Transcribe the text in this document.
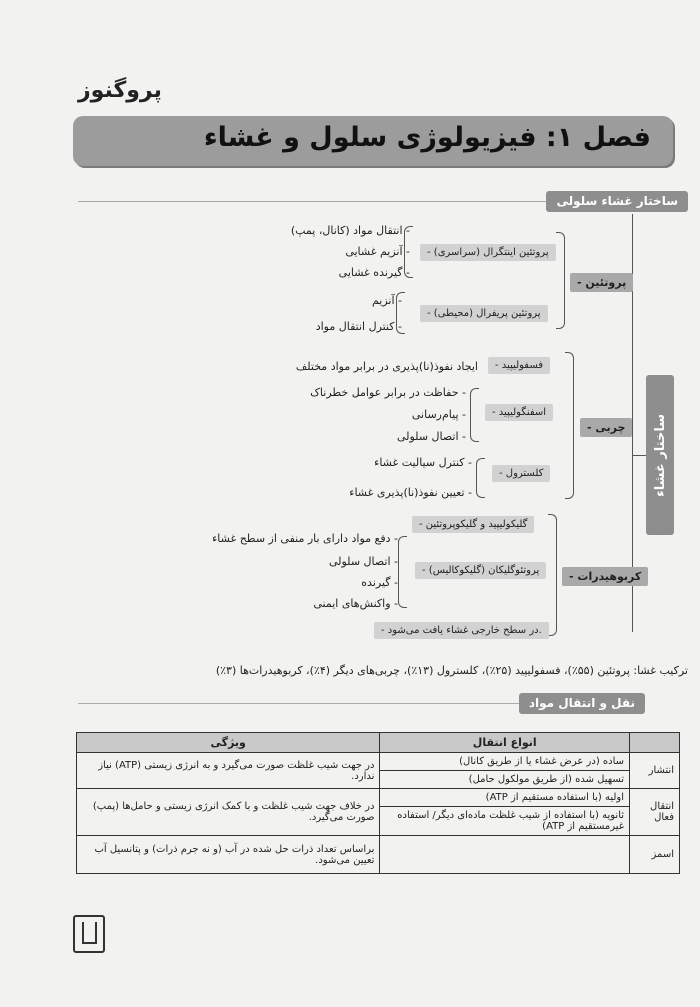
پروگنوز
فصل ۱: فیزیولوژی سلول و غشاء
ساختار غشاء سلولی
ساختار غشاء
- پروتئین
- پروتئین اینتگرال (سراسری)
- پروتئین پریفرال (محیطی)
- انتقال مواد (کانال، پمپ)
- آنزیم غشایی
- گیرنده غشایی
- آنزیم
- کنترل انتقال مواد
- چربی
- فسفولیپید
ایجاد نفوذ(نا)پذیری در برابر مواد مختلف
- اسفنگولیپید
- حفاظت در برابر عوامل خطرناک
- پیام‌رسانی
- اتصال سلولی
- کلسترول
- کنترل سیالیت غشاء
- تعیین نفوذ(نا)پذیری غشاء
- کربوهیدرات
- گلیکولیپید و گلیکوپروتئین
- پروتئوگلیکان (گلیکوکالیس)
- دفع مواد دارای بار منفی از سطح غشاء
- اتصال سلولی
- گیرنده
- واکنش‌های ایمنی
- در سطح خارجی غشاء یافت می‌شود.
ترکیب غشا: پروتئین (۵۵٪)، فسفولیپید (۲۵٪)، کلسترول (۱۳٪)، چربی‌های دیگر (۴٪)، کربوهیدرات‌ها (۳٪)
نقل و انتقال مواد
	انواع انتقال	ویژگی
انتشار	ساده (در عرض غشاء یا از طریق کانال)	در جهت شیب غلظت صورت می‌گیرد و به انرژی زیستی (ATP) نیاز ندارد.
	تسهیل شده (از طریق مولکول حامل)	
انتقال فعال	اولیه (با استفاده مستقیم از ATP)	در خلاف جهت شیب غلظت و با کمک انرژی زیستی و حامل‌ها (پمپ) صورت می‌گیرد.
	ثانویه (با استفاده از شیب غلظت ماده‌ای دیگر/ استفاده غیرمستقیم از ATP)	
اسمز		براساس تعداد ذرات حل شده در آب (و نه جرم ذرات) و پتانسیل آب تعیین می‌شود.
